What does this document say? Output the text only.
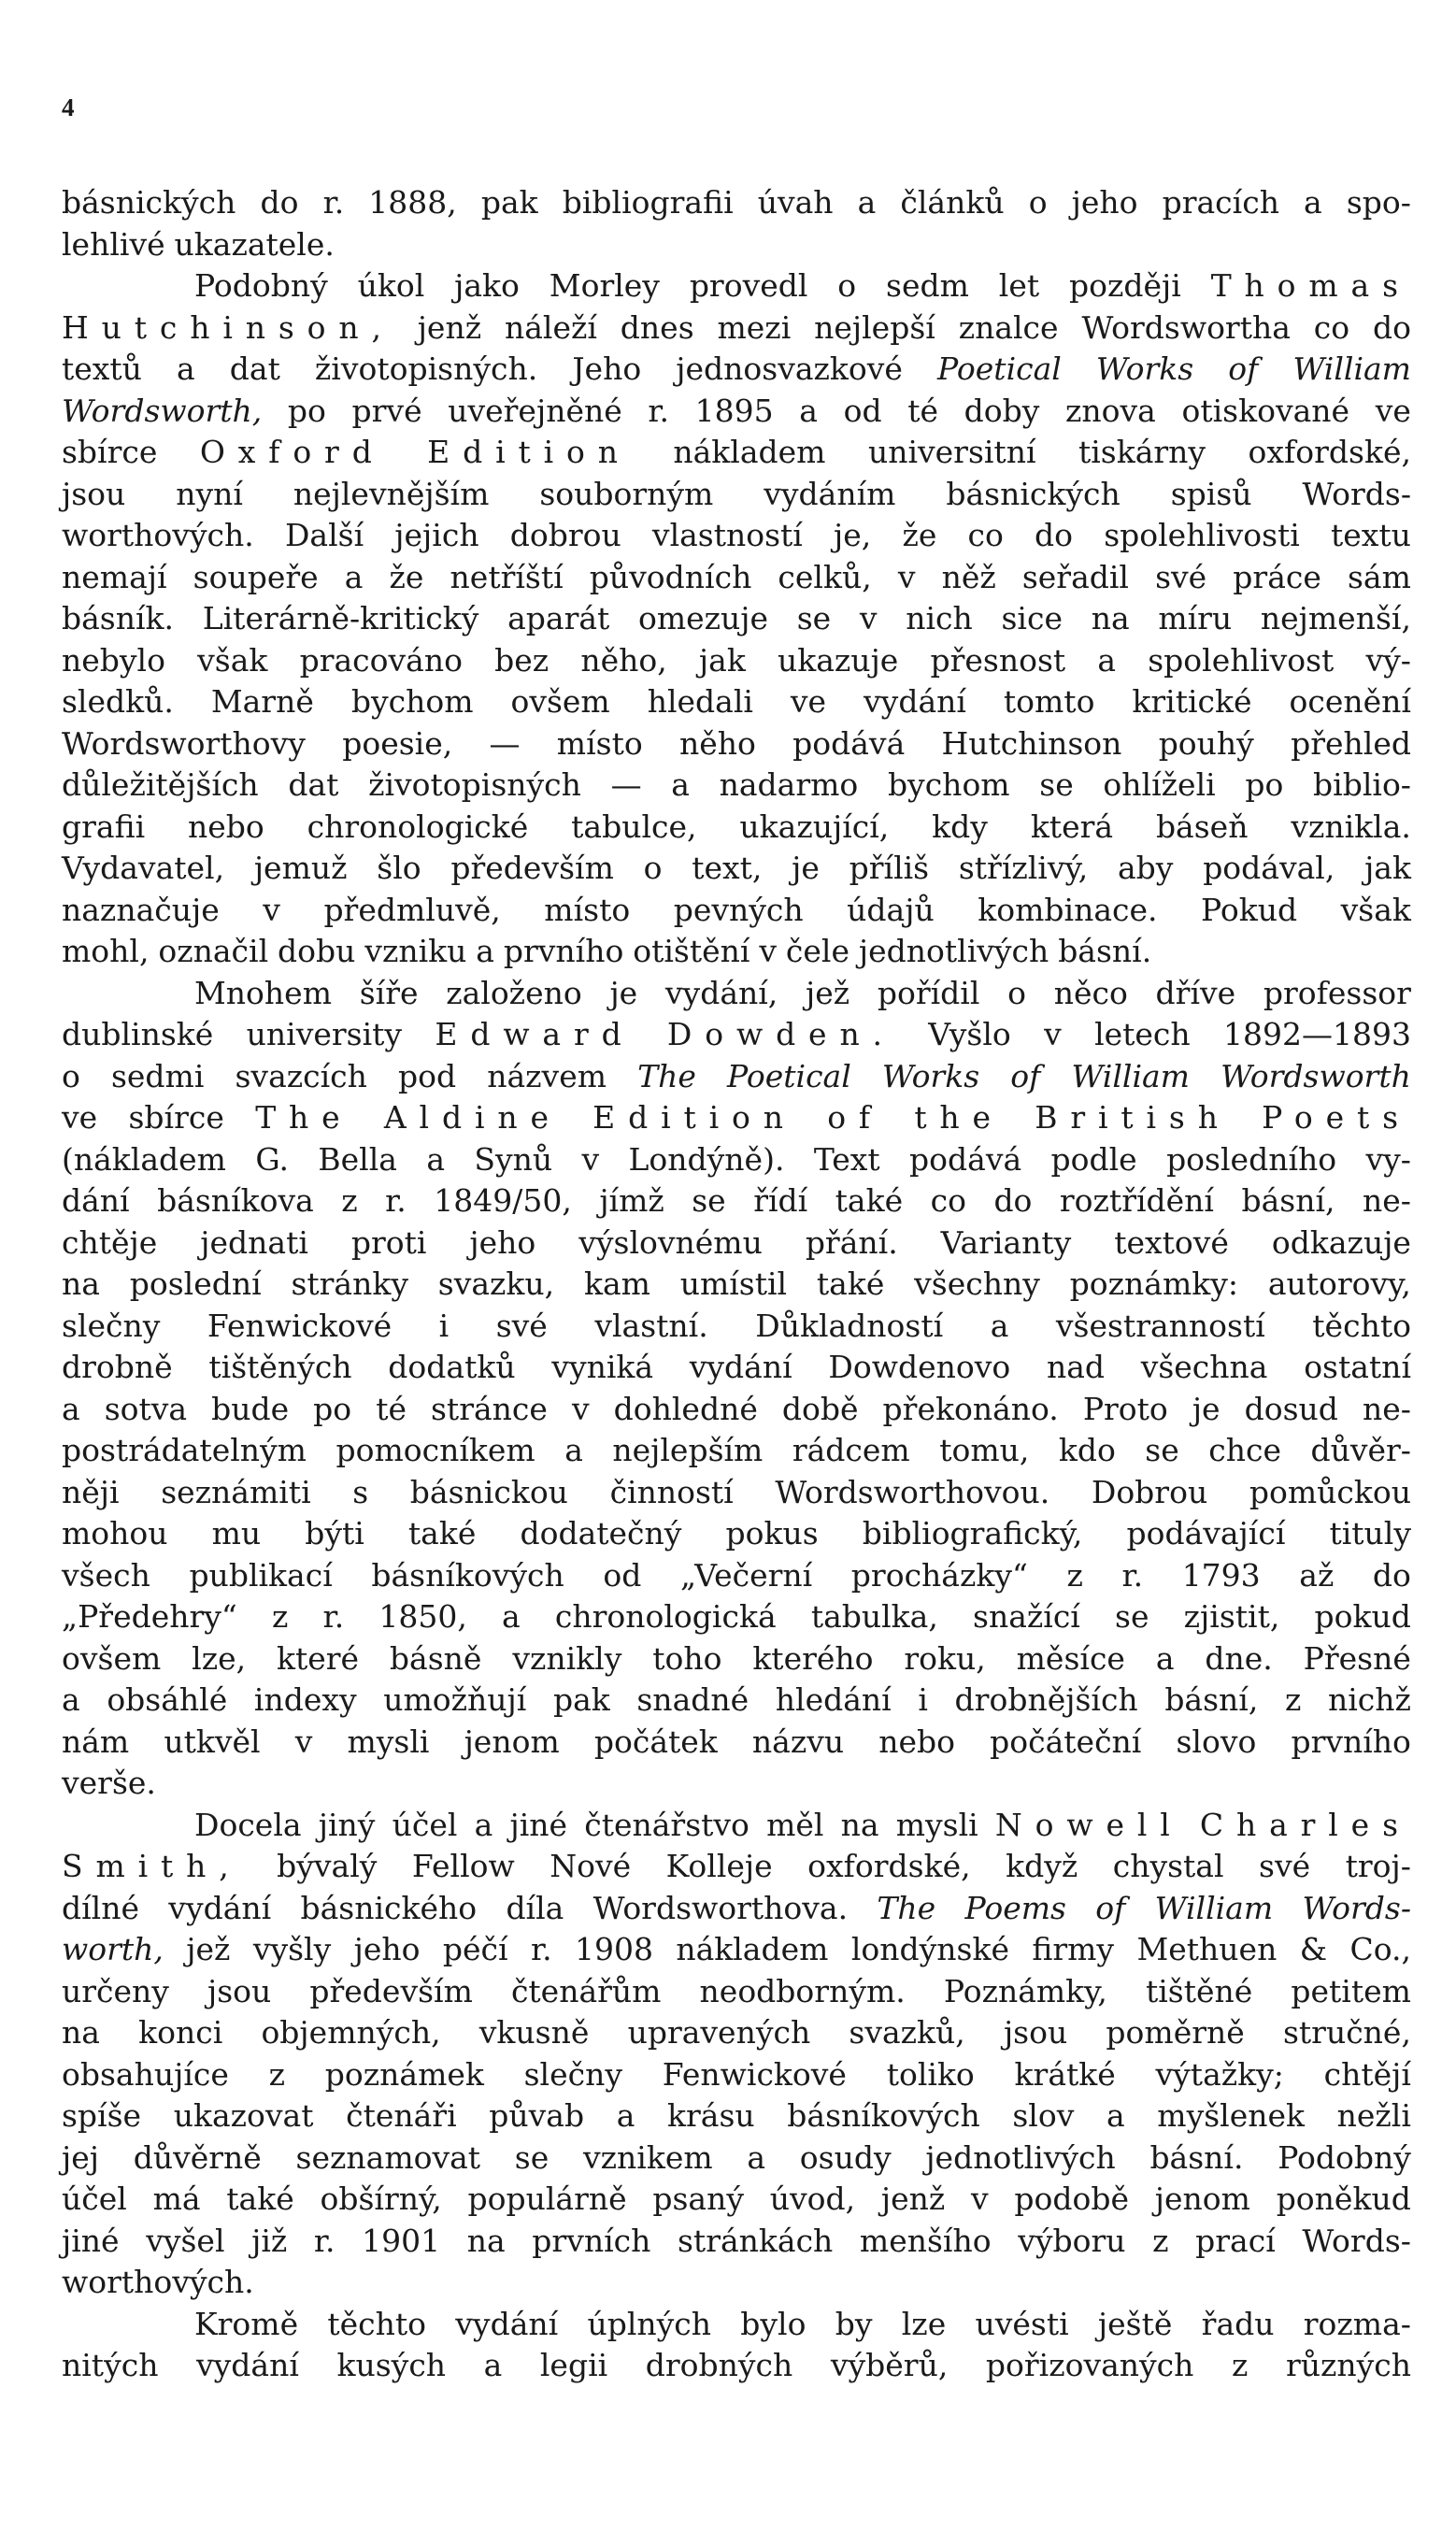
4
básnických do r. 1888, pak bibliografii úvah a článků o jeho pracích a spo-
lehlivé ukazatele.
Podobný úkol jako Morley provedl o sedm let později Thomas
Hutchinson, jenž náleží dnes mezi nejlepší znalce Wordswortha co do
textů a dat životopisných. Jeho jednosvazkové Poetical Works of William
Wordsworth, po prvé uveřejněné r. 1895 a od té doby znova otiskované ve
sbírce Oxford Edition nákladem universitní tiskárny oxfordské,
jsou nyní nejlevnějším souborným vydáním básnických spisů Words-
worthových. Další jejich dobrou vlastností je, že co do spolehlivosti textu
nemají soupeře a že netříští původních celků, v něž seřadil své práce sám
básník. Literárně-kritický aparát omezuje se v nich sice na míru nejmenší,
nebylo však pracováno bez něho, jak ukazuje přesnost a spolehlivost vý-
sledků. Marně bychom ovšem hledali ve vydání tomto kritické ocenění
Wordsworthovy poesie, — místo něho podává Hutchinson pouhý přehled
důležitějších dat životopisných — a nadarmo bychom se ohlíželi po biblio-
grafii nebo chronologické tabulce, ukazující, kdy která báseň vznikla.
Vydavatel, jemuž šlo především o text, je příliš střízlivý, aby podával, jak
naznačuje v předmluvě, místo pevných údajů kombinace. Pokud však
mohl, označil dobu vzniku a prvního otištění v čele jednotlivých básní.
Mnohem šíře založeno je vydání, jež pořídil o něco dříve professor
dublinské university Edward Dowden. Vyšlo v letech 1892—1893
o sedmi svazcích pod názvem The Poetical Works of William Wordsworth
ve sbírce The Aldine Edition of the British Poets
(nákladem G. Bella a Synů v Londýně). Text podává podle posledního vy-
dání básníkova z r. 1849/50, jímž se řídí také co do roztřídění básní, ne-
chtěje jednati proti jeho výslovnému přání. Varianty textové odkazuje
na poslední stránky svazku, kam umístil také všechny poznámky: autorovy,
slečny Fenwickové i své vlastní. Důkladností a všestranností těchto
drobně tištěných dodatků vyniká vydání Dowdenovo nad všechna ostatní
a sotva bude po té stránce v dohledné době překonáno. Proto je dosud ne-
postrádatelným pomocníkem a nejlepším rádcem tomu, kdo se chce důvěr-
něji seznámiti s básnickou činností Wordsworthovou. Dobrou pomůckou
mohou mu býti také dodatečný pokus bibliografický, podávající tituly
všech publikací básníkových od „Večerní procházky“ z r. 1793 až do
„Předehry“ z r. 1850, a chronologická tabulka, snažící se zjistit, pokud
ovšem lze, které básně vznikly toho kterého roku, měsíce a dne. Přesné
a obsáhlé indexy umožňují pak snadné hledání i drobnějších básní, z nichž
nám utkvěl v mysli jenom počátek názvu nebo počáteční slovo prvního
verše.
Docela jiný účel a jiné čtenářstvo měl na mysli Nowell Charles
Smith, bývalý Fellow Nové Kolleje oxfordské, když chystal své troj-
dílné vydání básnického díla Wordsworthova. The Poems of William Words-
worth, jež vyšly jeho péčí r. 1908 nákladem londýnské firmy Methuen & Co.,
určeny jsou především čtenářům neodborným. Poznámky, tištěné petitem
na konci objemných, vkusně upravených svazků, jsou poměrně stručné,
obsahujíce z poznámek slečny Fenwickové toliko krátké výtažky; chtějí
spíše ukazovat čtenáři půvab a krásu básníkových slov a myšlenek nežli
jej důvěrně seznamovat se vznikem a osudy jednotlivých básní. Podobný
účel má také obšírný, populárně psaný úvod, jenž v podobě jenom poněkud
jiné vyšel již r. 1901 na prvních stránkách menšího výboru z prací Words-
worthových.
Kromě těchto vydání úplných bylo by lze uvésti ještě řadu rozma-
nitých vydání kusých a legii drobných výběrů, pořizovaných z různých
